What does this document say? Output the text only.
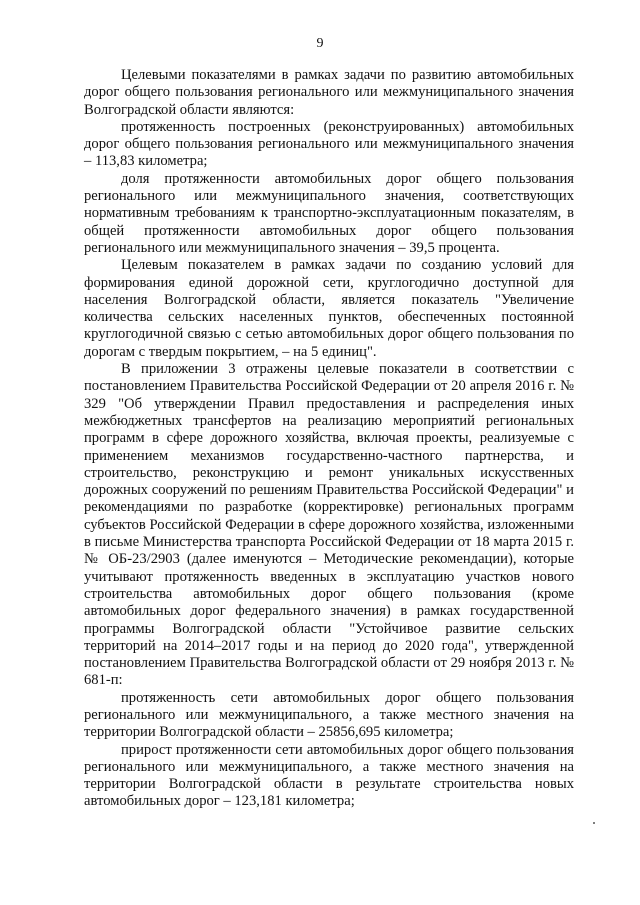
9

Целевыми показателями в рамках задачи по развитию автомобильных дорог общего пользования регионального или межмуниципального значения Волгоградской области являются:

протяженность построенных (реконструированных) автомобильных дорог общего пользования регионального или межмуниципального значения – 113,83 километра;

доля протяженности автомобильных дорог общего пользования регионального или межмуниципального значения, соответствующих нормативным требованиям к транспортно-эксплуатационным показателям, в общей протяженности автомобильных дорог общего пользования регионального или межмуниципального значения – 39,5 процента.

Целевым показателем в рамках задачи по созданию условий для формирования единой дорожной сети, круглогодично доступной для населения Волгоградской области, является показатель "Увеличение количества сельских населенных пунктов, обеспеченных постоянной круглогодичной связью с сетью автомобильных дорог общего пользования по дорогам с твердым покрытием, – на 5 единиц".

В приложении 3 отражены целевые показатели в соответствии с постановлением Правительства Российской Федерации от 20 апреля 2016 г. № 329 "Об утверждении Правил предоставления и распределения иных межбюджетных трансфертов на реализацию мероприятий региональных программ в сфере дорожного хозяйства, включая проекты, реализуемые с применением механизмов государственно-частного партнерства, и строительство, реконструкцию и ремонт уникальных искусственных дорожных сооружений по решениям Правительства Российской Федерации" и рекомендациями по разработке (корректировке) региональных программ субъектов Российской Федерации в сфере дорожного хозяйства, изложенными в письме Министерства транспорта Российской Федерации от 18 марта 2015 г. № ОБ-23/2903 (далее именуются – Методические рекомендации), которые учитывают протяженность введенных в эксплуатацию участков нового строительства автомобильных дорог общего пользования (кроме автомобильных дорог федерального значения) в рамках государственной программы Волгоградской области "Устойчивое развитие сельских территорий на 2014–2017 годы и на период до 2020 года", утвержденной постановлением Правительства Волгоградской области от 29 ноября 2013 г. № 681-п:

протяженность сети автомобильных дорог общего пользования регионального или межмуниципального, а также местного значения на территории Волгоградской области – 25856,695 километра;

прирост протяженности сети автомобильных дорог общего пользования регионального или межмуниципального, а также местного значения на территории Волгоградской области в результате строительства новых автомобильных дорог – 123,181 километра;
